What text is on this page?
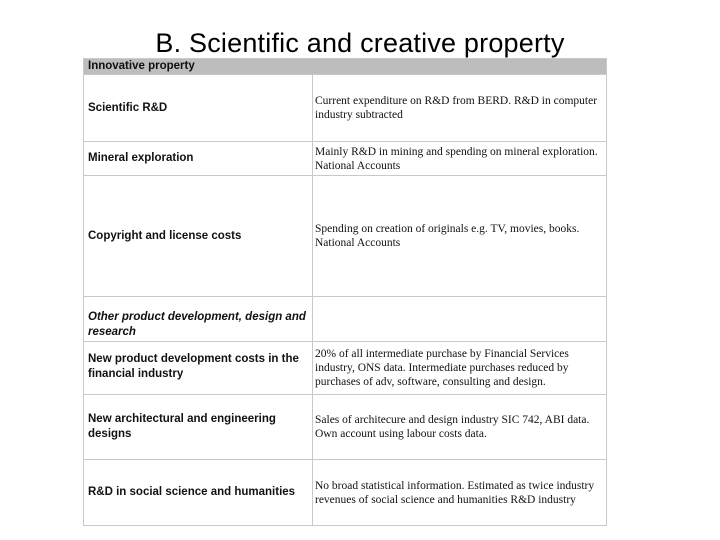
B. Scientific and creative property
Innovative property	
Scientific R&D	Current expenditure on R&D from BERD. R&D in computer industry subtracted
Mineral exploration	Mainly R&D in mining and spending on mineral exploration. National Accounts
Copyright and license costs	Spending on creation of originals e.g. TV, movies, books. National Accounts
Other product development, design and research	
New product development costs in the financial industry	20% of all intermediate purchase by Financial Services industry, ONS data. Intermediate purchases reduced by purchases of adv, software, consulting and design.
New architectural and engineering designs	Sales of architecure and design industry SIC 742, ABI data. Own account using labour costs data.
R&D in social science and humanities	No broad statistical information. Estimated as twice industry revenues of social science and humanities R&D industry
